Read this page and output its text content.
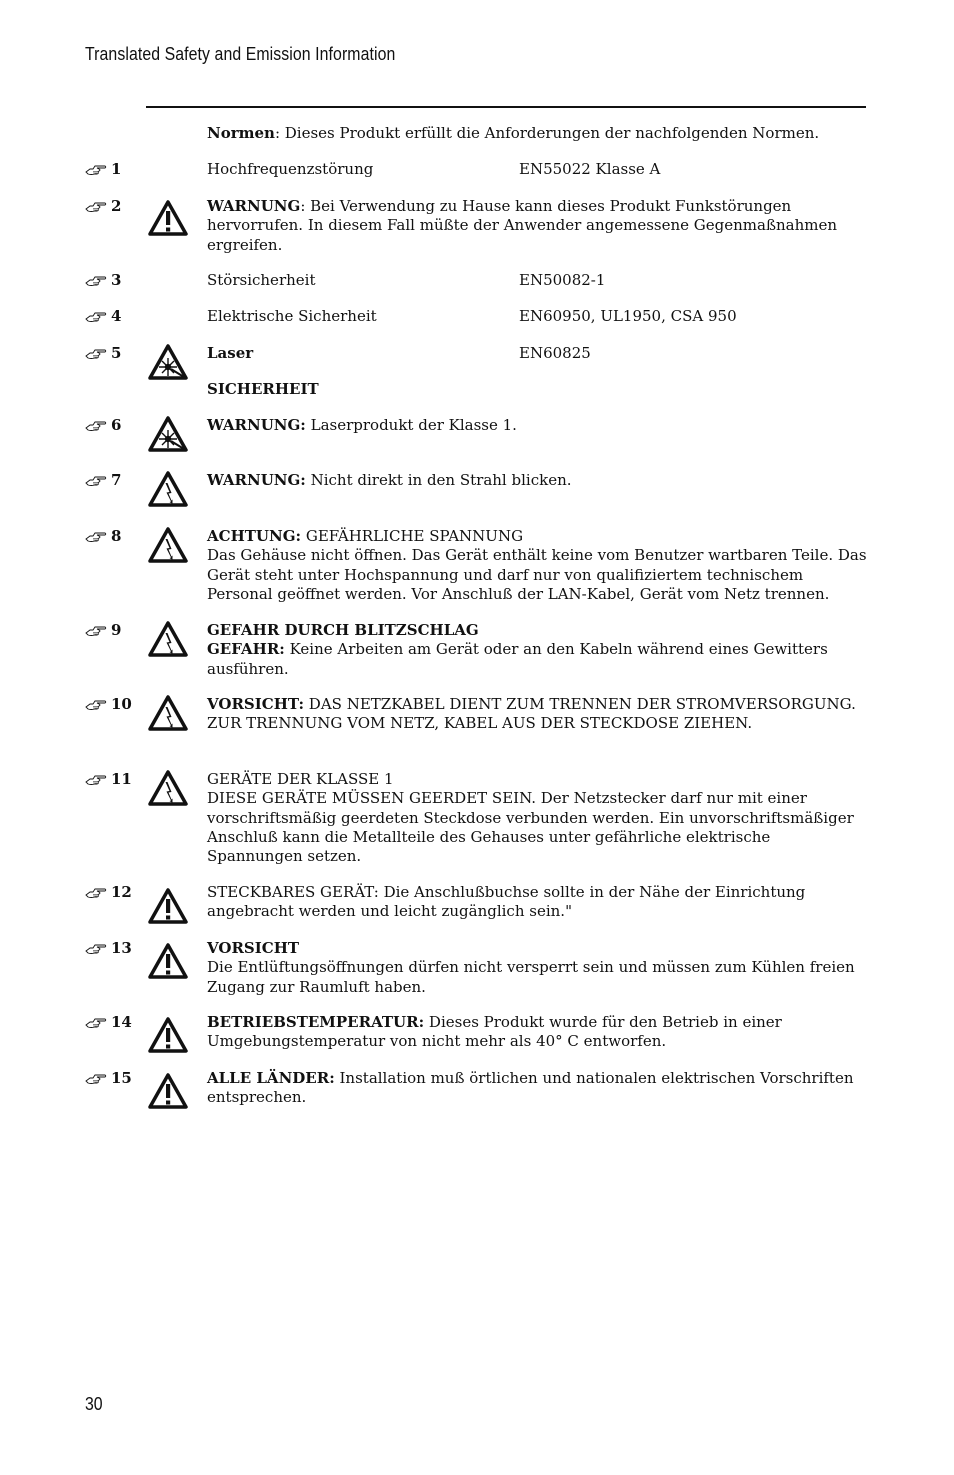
Translated Safety and Emission Information
Normen: Dieses Produkt erfüllt die Anforderungen der nachfolgenden Normen.
1	Hochfrequenzstörung	EN55022 Klasse A
2	WARNUNG: Bei Verwendung zu Hause kann dieses Produkt Funkstörungen hervorrufen. In diesem Fall müßte der Anwender angemessene Gegenmaßnahmen ergreifen.
3	Störsicherheit	EN50082-1
4	Elektrische Sicherheit	EN60950, UL1950, CSA 950
5	Laser	EN60825
SICHERHEIT
6	WARNUNG: Laserprodukt der Klasse 1.
7	WARNUNG: Nicht direkt in den Strahl blicken.
8	ACHTUNG: GEFÄHRLICHE SPANNUNG
Das Gehäuse nicht öffnen. Das Gerät enthält keine vom Benutzer wartbaren Teile. Das Gerät steht unter Hochspannung und darf nur von qualifiziertem technischem Personal geöffnet werden. Vor Anschluß der LAN-Kabel, Gerät vom Netz trennen.
9	GEFAHR DURCH BLITZSCHLAG
GEFAHR: Keine Arbeiten am Gerät oder an den Kabeln während eines Gewitters ausführen.
10	VORSICHT: DAS NETZKABEL DIENT ZUM TRENNEN DER STROMVERSORGUNG. ZUR TRENNUNG VOM NETZ, KABEL AUS DER STECKDOSE ZIEHEN.
11	GERÄTE DER KLASSE 1
DIESE GERÄTE MÜSSEN GEERDET SEIN. Der Netzstecker darf nur mit einer vorschriftsmäßig geerdeten Steckdose verbunden werden. Ein unvorschriftsmäßiger Anschluß kann die Metallteile des Gehauses unter gefährliche elektrische Spannungen setzen.
12	STECKBARES GERÄT: Die Anschlußbuchse sollte in der Nähe der Einrichtung angebracht werden und leicht zugänglich sein."
13	VORSICHT
Die Entlüftungsöffnungen dürfen nicht versperrt sein und müssen zum Kühlen freien Zugang zur Raumluft haben.
14	BETRIEBSTEMPERATUR: Dieses Produkt wurde für den Betrieb in einer Umgebungstemperatur von nicht mehr als 40° C entworfen.
15	ALLE LÄNDER: Installation muß örtlichen und nationalen elektrischen Vorschriften entsprechen.
30
